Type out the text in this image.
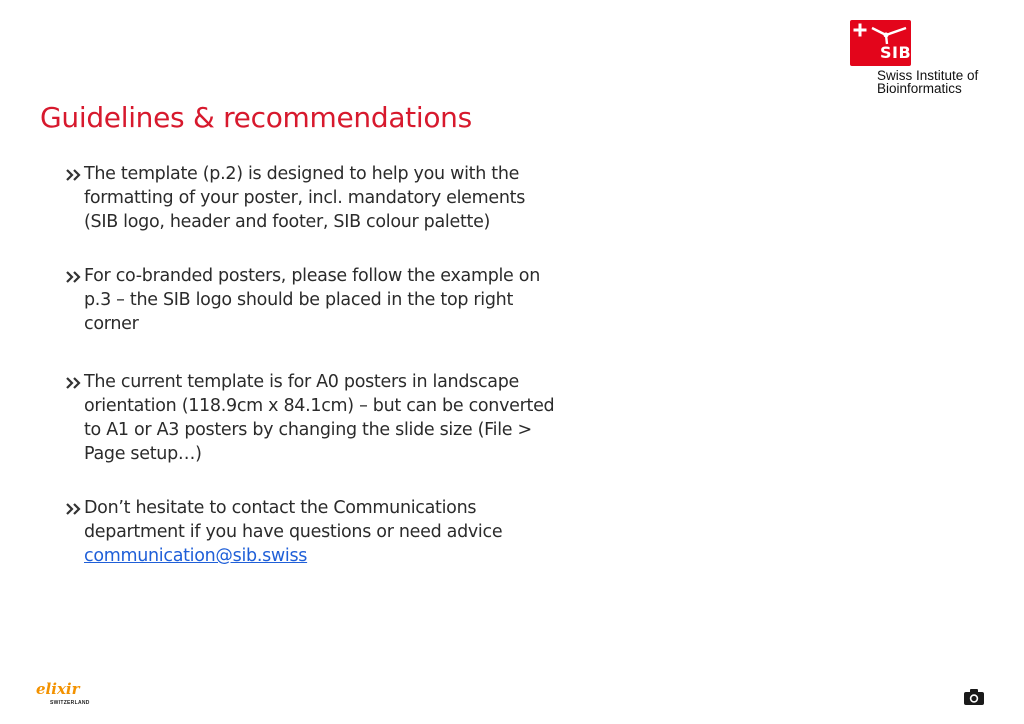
SIB
Swiss Institute of
Bioinformatics
Guidelines & recommendations
The template (p.2) is designed to help you with the
formatting of your poster, incl. mandatory elements
(SIB logo, header and footer, SIB colour palette)
For co-branded posters, please follow the example on
p.3 – the SIB logo should be placed in the top right
corner
The current template is for A0 posters in landscape
orientation (118.9cm x 84.1cm) – but can be converted
to A1 or A3 posters by changing the slide size (File >
Page setup…)
Don’t hesitate to contact the Communications
department if you have questions or need advice
communication@sib.swiss
elixir
SWITZERLAND
